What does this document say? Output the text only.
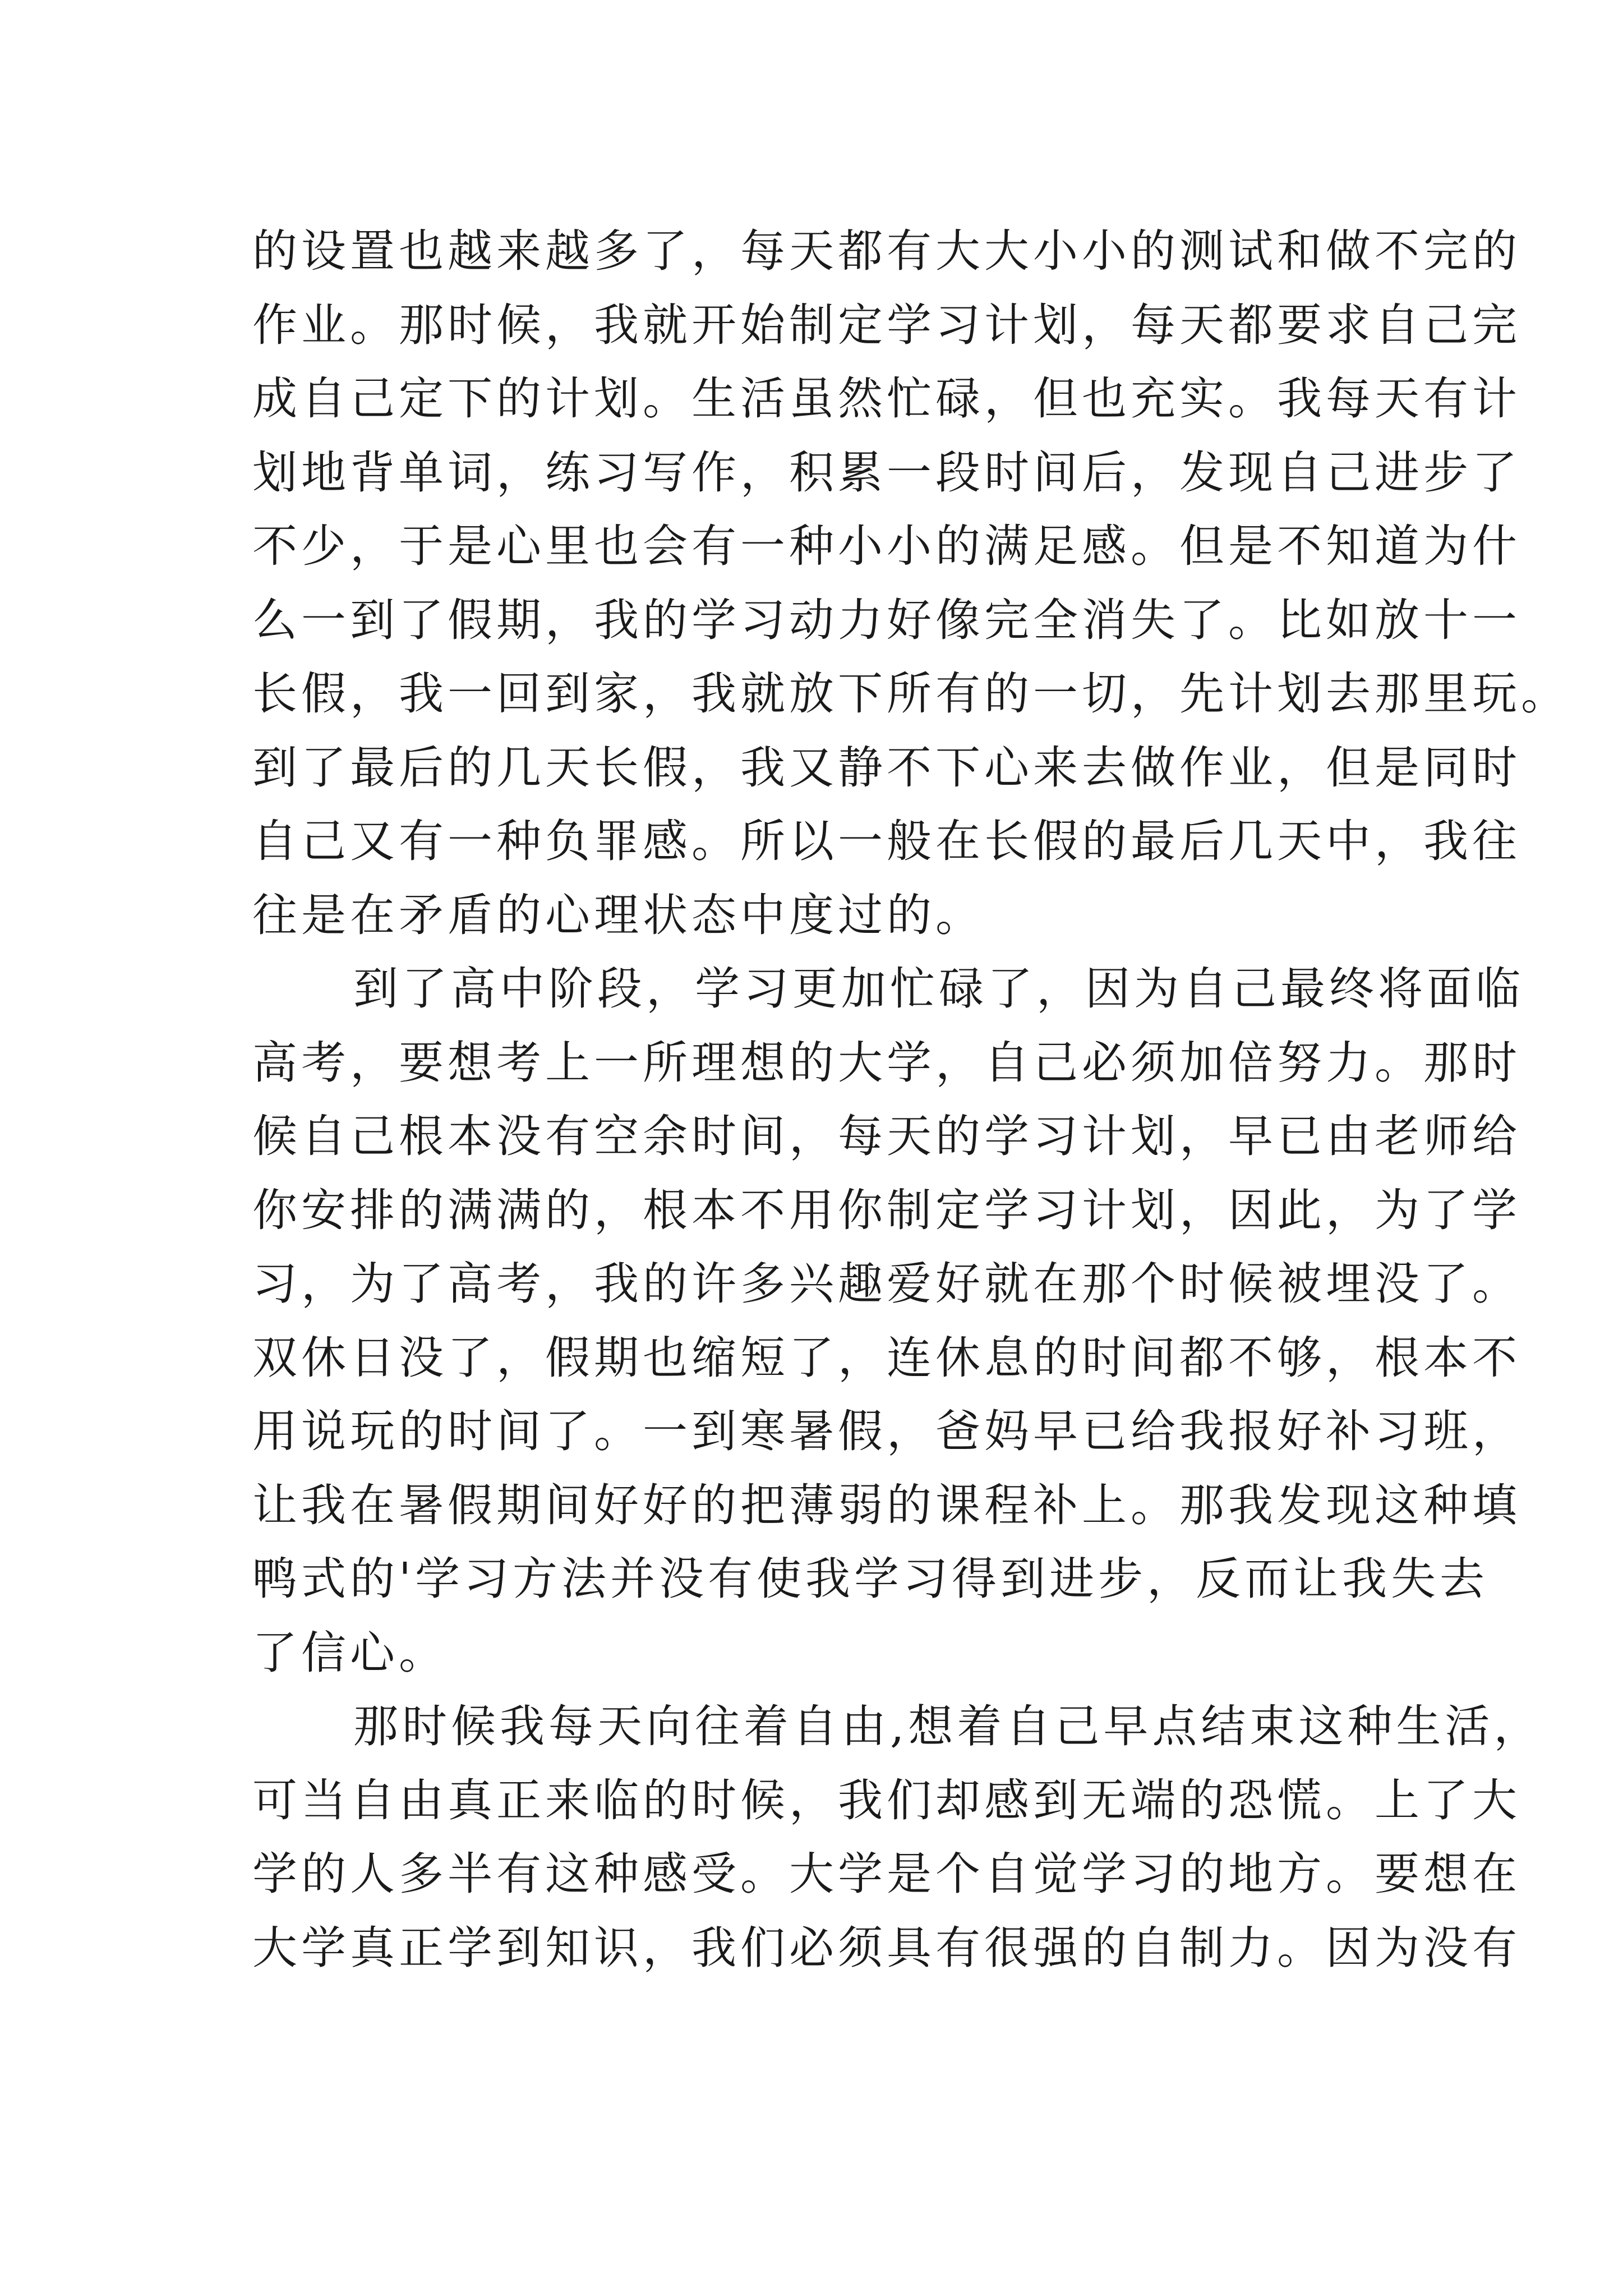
的设置也越来越多了，每天都有大大小小的测试和做不完的
作业。那时候，我就开始制定学习计划，每天都要求自己完
成自己定下的计划。生活虽然忙碌，但也充实。我每天有计
划地背单词，练习写作，积累一段时间后，发现自己进步了
不少，于是心里也会有一种小小的满足感。但是不知道为什
么一到了假期，我的学习动力好像完全消失了。比如放十一
长假，我一回到家，我就放下所有的一切，先计划去那里玩。
到了最后的几天长假，我又静不下心来去做作业，但是同时
自己又有一种负罪感。所以一般在长假的最后几天中，我往
往是在矛盾的心理状态中度过的。
到了高中阶段，学习更加忙碌了，因为自己最终将面临
高考，要想考上一所理想的大学，自己必须加倍努力。那时
候自己根本没有空余时间，每天的学习计划，早已由老师给
你安排的满满的，根本不用你制定学习计划，因此，为了学
习，为了高考，我的许多兴趣爱好就在那个时候被埋没了。
双休日没了，假期也缩短了，连休息的时间都不够，根本不
用说玩的时间了。一到寒暑假，爸妈早已给我报好补习班，
让我在暑假期间好好的把薄弱的课程补上。那我发现这种填
鸭式的'学习方法并没有使我学习得到进步，反而让我失去
了信心。
那时候我每天向往着自由,想着自己早点结束这种生活，
可当自由真正来临的时候，我们却感到无端的恐慌。上了大
学的人多半有这种感受。大学是个自觉学习的地方。要想在
大学真正学到知识，我们必须具有很强的自制力。因为没有
